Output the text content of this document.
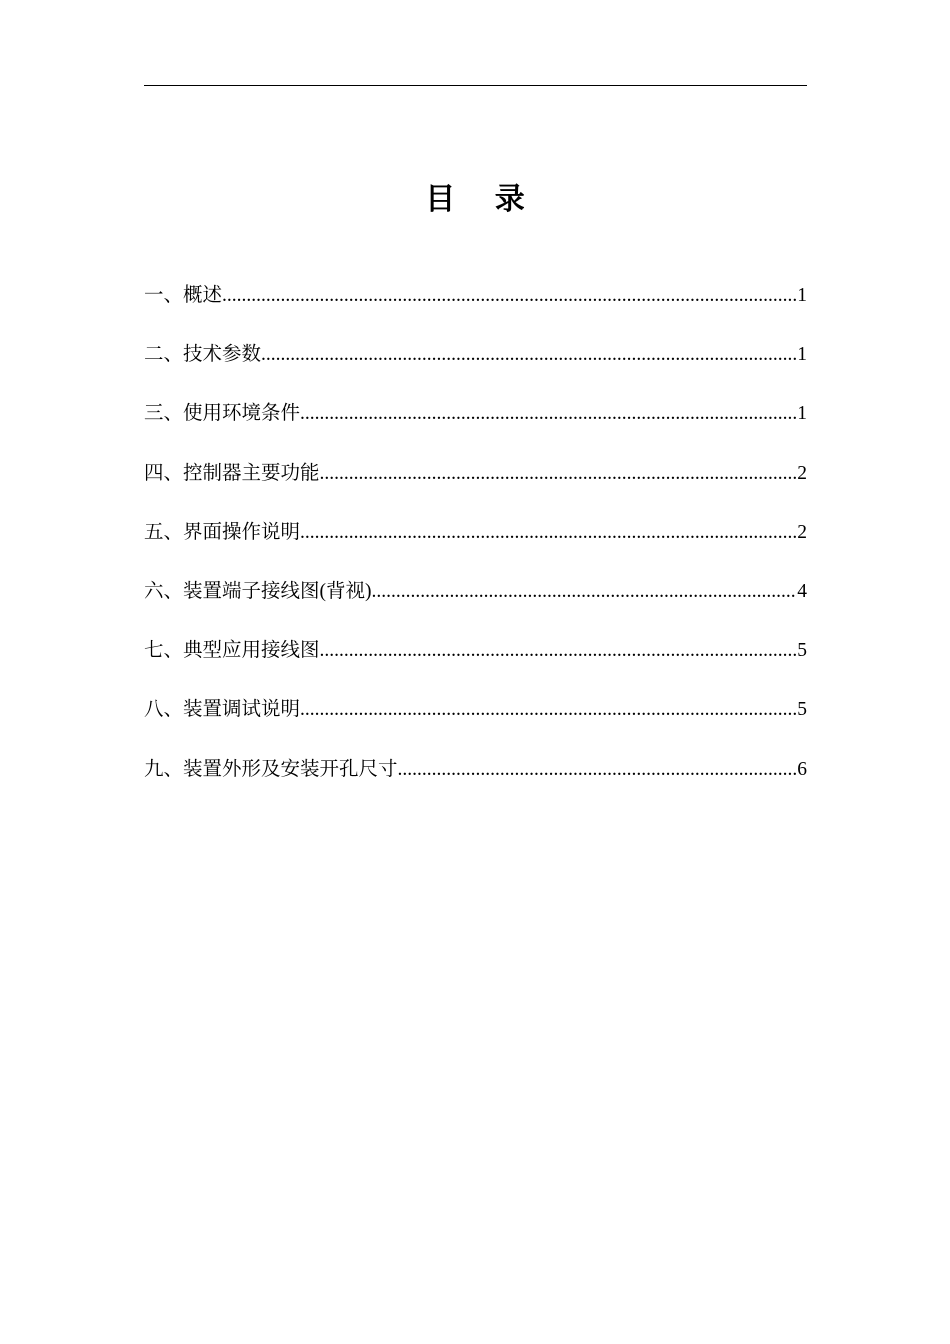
目 录
一、概述 .....	1
二、技术参数 .....	1
三、使用环境条件 .....	1
四、控制器主要功能 .....	2
五、界面操作说明 .....	2
六、装置端子接线图(背视) .....	4
七、典型应用接线图 .....	5
八、装置调试说明 .....	5
九、装置外形及安装开孔尺寸 .....	6
